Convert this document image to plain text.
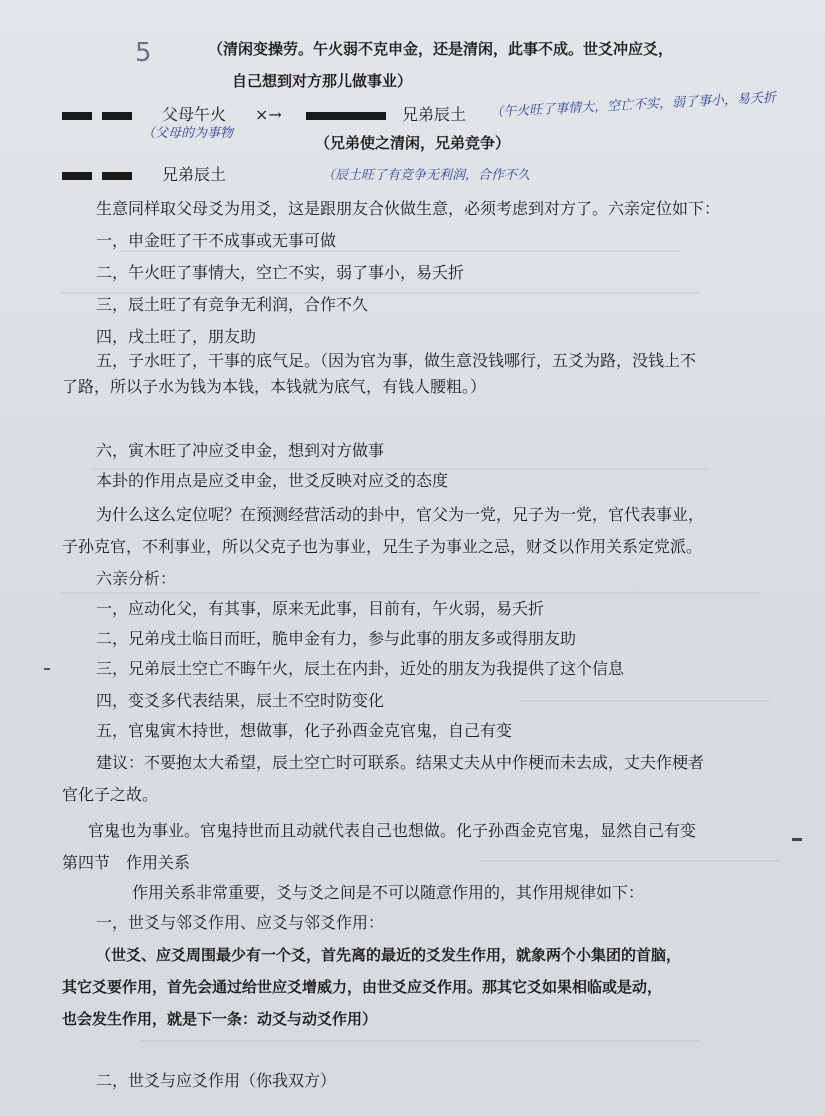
5	（清闲变操劳。午火弱不克申金，还是清闲，此事不成。世爻冲应爻，
自己想到对方那儿做事业）
父母午火 ×→	兄弟辰土 （午火旺了事情大，空亡不实，弱了事小，易夭折
（父母的为事物
（兄弟使之清闲，兄弟竞争）
兄弟辰土	（辰土旺了有竞争无利润，合作不久
生意同样取父母爻为用爻，这是跟朋友合伙做生意，必须考虑到对方了。六亲定位如下：
一，申金旺了干不成事或无事可做
二，午火旺了事情大，空亡不实，弱了事小，易夭折
三，辰土旺了有竞争无利润，合作不久
四，戌土旺了，朋友助
五，子水旺了，干事的底气足。（因为官为事，做生意没钱哪行，五爻为路，没钱上不
了路，所以子水为钱为本钱，本钱就为底气，有钱人腰粗。）
六，寅木旺了冲应爻申金，想到对方做事
本卦的作用点是应爻申金，世爻反映对应爻的态度
为什么这么定位呢？在预测经营活动的卦中，官父为一党，兄子为一党，官代表事业，
子孙克官，不利事业，所以父克子也为事业，兄生子为事业之忌，财爻以作用关系定党派。
六亲分析：
一，应动化父，有其事，原来无此事，目前有，午火弱，易夭折
二，兄弟戌土临日而旺，脆申金有力，参与此事的朋友多或得朋友助
三，兄弟辰土空亡不晦午火，辰土在内卦，近处的朋友为我提供了这个信息
四，变爻多代表结果，辰土不空时防变化
五，官鬼寅木持世，想做事，化子孙酉金克官鬼，自己有变
建议：不要抱太大希望，辰土空亡时可联系。结果丈夫从中作梗而未去成，丈夫作梗者
官化子之故。
官鬼也为事业。官鬼持世而且动就代表自己也想做。化子孙酉金克官鬼，显然自己有变
第四节　作用关系
作用关系非常重要，爻与爻之间是不可以随意作用的，其作用规律如下：
一，世爻与邻爻作用、应爻与邻爻作用：
（世爻、应爻周围最少有一个爻，首先离的最近的爻发生作用，就象两个小集团的首脑，
其它爻要作用，首先会通过给世应爻增威力，由世爻应爻作用。那其它爻如果相临或是动，
也会发生作用，就是下一条：动爻与动爻作用）
二，世爻与应爻作用（你我双方）
